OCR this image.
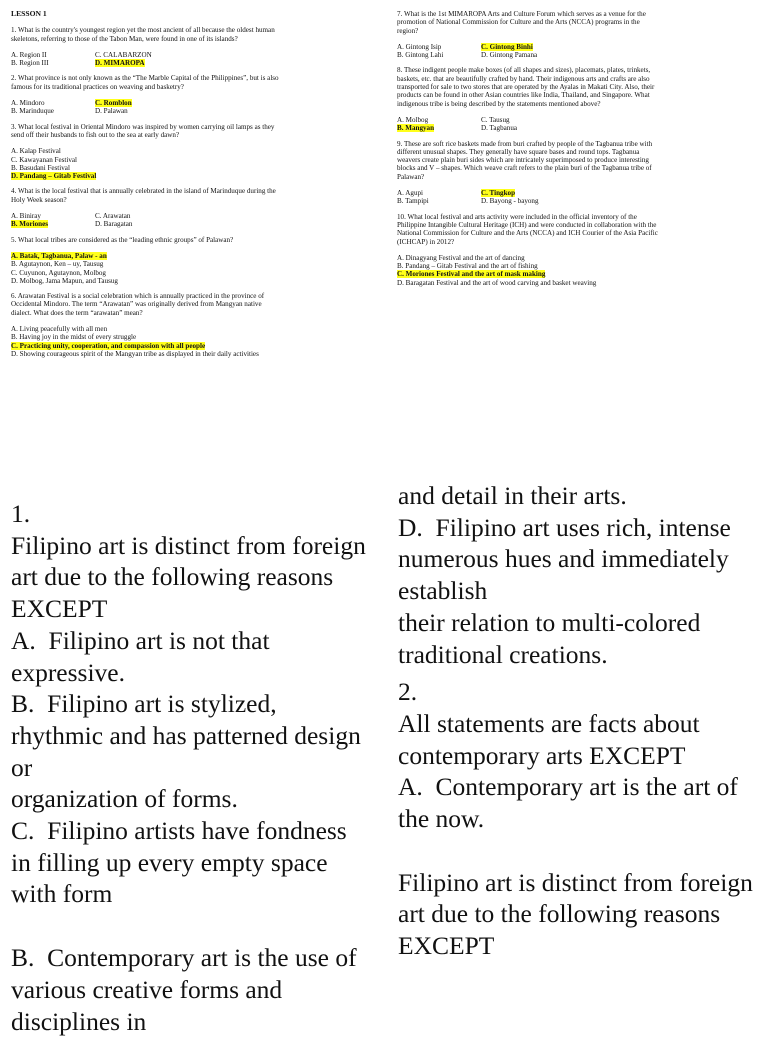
LESSON 1
1. What is the country's youngest region yet the most ancient of all because the oldest human skeletons, referring to those of the Tabon Man, were found in one of its islands?
A. Region II	C. CALABARZON
B. Region III	D. MIMAROPA
2. What province is not only known as the “The Marble Capital of the Philippines”, but is also famous for its traditional practices on weaving and basketry?
A. Mindoro	C. Romblon
B. Marinduque	D. Palawan
3. What local festival in Oriental Mindoro was inspired by women carrying oil lamps as they send off their husbands to fish out to the sea at early dawn?
A. Kalap Festival
C. Kawayanan Festival
B. Basudani Festival
D. Pandang – Gitab Festival
4. What is the local festival that is annually celebrated in the island of Marinduque during the Holy Week season?
A. Biniray	C. Arawatan
B. Moriones	D. Baragatan
5. What local tribes are considered as the “leading ethnic groups” of Palawan?
A. Batak, Tagbanua, Palaw - an
B. Agutaynon, Ken – uy, Tausug
C. Cuyunon, Agutaynon, Molbog
D. Molbog, Jama Mapun, and Tausug
6. Arawatan Festival is a social celebration which is annually practiced in the province of Occidental Mindoro. The term “Arawatan” was originally derived from Mangyan native dialect. What does the term “arawatan” mean?
A. Living peacefully with all men
B. Having joy in the midst of every struggle
C. Practicing unity, cooperation, and compassion with all people
D. Showing courageous spirit of the Mangyan tribe as displayed in their daily activities
7. What is the 1st MIMAROPA Arts and Culture Forum which serves as a venue for the promotion of National Commission for Culture and the Arts (NCCA) programs in the region?
A. Gintong Isip	C. Gintong Binhi
B. Gintong Lahi	D. Gintong Pamana
8. These indigent people make boxes (of all shapes and sizes), placemats, plates, trinkets, baskets, etc. that are beautifully crafted by hand. Their indigenous arts and crafts are also transported for sale to two stores that are operated by the Ayalas in Makati City. Also, their products can be found in other Asian countries like India, Thailand, and Singapore. What indigenous tribe is being described by the statements mentioned above?
A. Molbog	C. Tausug
B. Mangyan	D. Tagbanua
9. These are soft rice baskets made from buri crafted by people of the Tagbanua tribe with different unusual shapes. They generally have square bases and round tops. Tagbanua weavers create plain buri sides which are intricately superimposed to produce interesting blocks and V – shapes. Which weave craft refers to the plain buri of the Tagbanua tribe of Palawan?
A. Agupi	C. Tingkop
B. Tampipi	D. Bayong - bayong
10. What local festival and arts activity were included in the official inventory of the Philippine Intangible Cultural Heritage (ICH) and were conducted in collaboration with the National Commission for Culture and the Arts (NCCA) and ICH Courier of the Asia Pacific (ICHCAP) in 2012?
A. Dinagyang Festival and the art of dancing
B. Pandang – Gitab Festival and the art of fishing
C. Moriones Festival and the art of mask making
D. Baragatan Festival and the art of wood carving and basket weaving

1.

Filipino art is distinct from foreign art due to the following reasons EXCEPT

A.  Filipino art is not that expressive.

B.  Filipino art is stylized, rhythmic and has patterned design or

organization of forms.

C.  Filipino artists have fondness in filling up every empty space with form

B.  Contemporary art is the use of various creative forms and disciplines in

and detail in their arts.

D.  Filipino art uses rich, intense numerous hues and immediately establish

their relation to multi-colored traditional creations.

2.

All statements are facts about contemporary arts EXCEPT

A.  Contemporary art is the art of the now.

Filipino art is distinct from foreign art due to the following reasons EXCEPT
